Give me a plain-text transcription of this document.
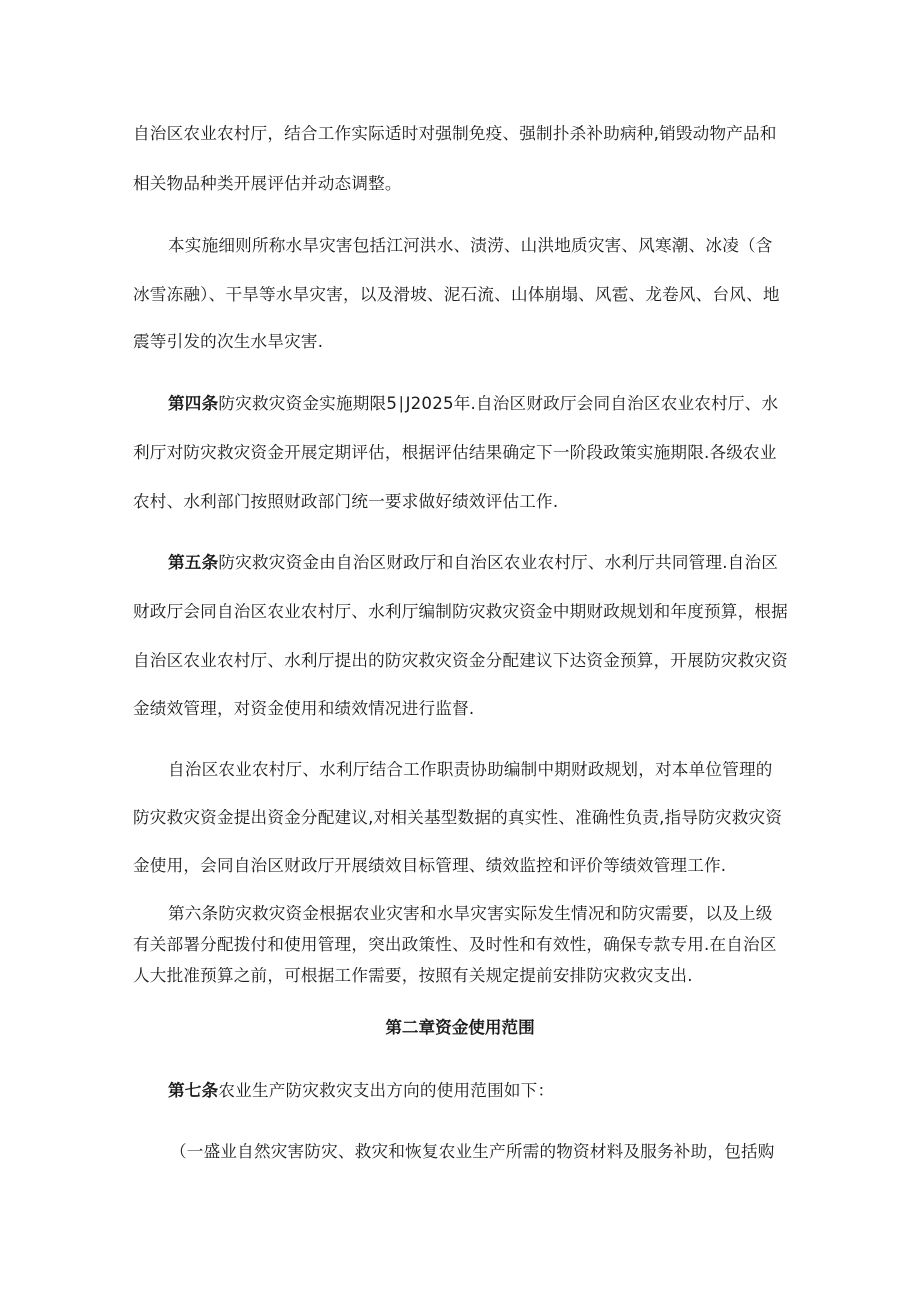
自治区农业农村厅，结合工作实际适时对强制免疫、强制扑杀补助病种,销毁动物产品和
相关物品种类开展评估并动态调整。
本实施细则所称水旱灾害包括江河洪水、渍涝、山洪地质灾害、风寒潮、冰凌（含
冰雪冻融）、干旱等水旱灾害，以及滑坡、泥石流、山体崩塌、风雹、龙卷风、台风、地
震等引发的次生水旱灾害.
第四条防灾救灾资金实施期限5∣J2025年.自治区财政厅会同自治区农业农村厅、水
利厅对防灾救灾资金开展定期评估，根据评估结果确定下一阶段政策实施期限.各级农业
农村、水利部门按照财政部门统一要求做好绩效评估工作.
第五条防灾救灾资金由自治区财政厅和自治区农业农村厅、水利厅共同管理.自治区
财政厅会同自治区农业农村厅、水利厅编制防灾救灾资金中期财政规划和年度预算，根据
自治区农业农村厅、水利厅提出的防灾救灾资金分配建议下达资金预算，开展防灾救灾资
金绩效管理，对资金使用和绩效情况进行监督.
自治区农业农村厅、水利厅结合工作职责协助编制中期财政规划，对本单位管理的
防灾救灾资金提出资金分配建议,对相关基型数据的真实性、准确性负责,指导防灾救灾资
金使用，会同自治区财政厅开展绩效目标管理、绩效监控和评价等绩效管理工作.
第六条防灾救灾资金根据农业灾害和水旱灾害实际发生情况和防灾需要，以及上级
有关部署分配拨付和使用管理，突出政策性、及时性和有效性，确保专款专用.在自治区
人大批准预算之前，可根据工作需要，按照有关规定提前安排防灾救灾支出.
第二章资金使用范围
第七条农业生产防灾救灾支出方向的使用范围如下：
（一盛业自然灾害防灾、救灾和恢复农业生产所需的物资材料及服务补助，包括购
